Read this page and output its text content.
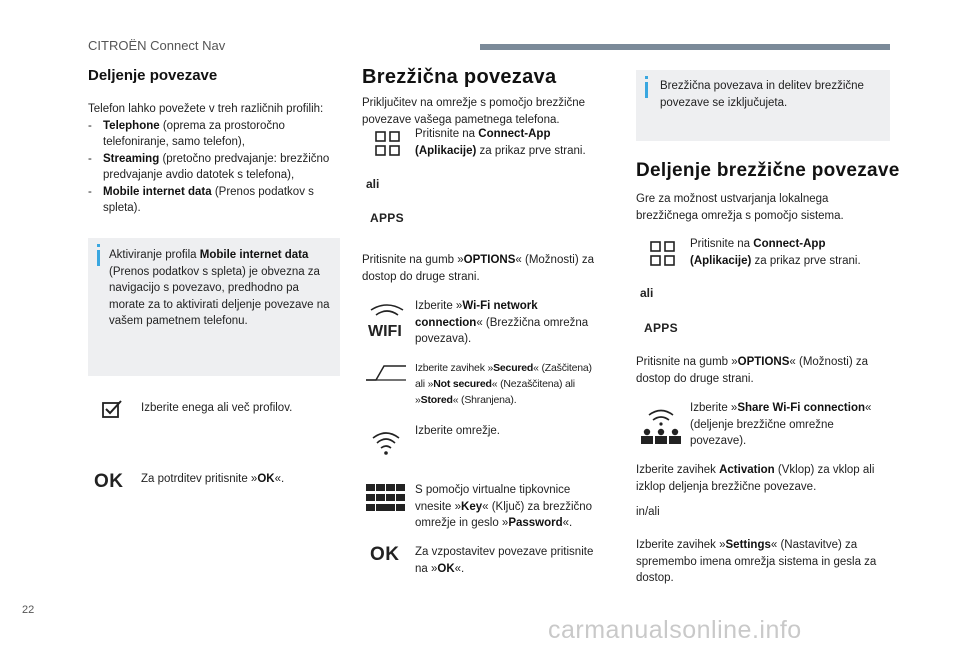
CITROËN Connect Nav
22
carmanualsonline.info
Deljenje povezave
Telefon lahko povežete v treh različnih profilih:
- Telephone (oprema za prostoročno telefoniranje, samo telefon),
- Streaming (pretočno predvajanje: brezžično predvajanje avdio datotek s telefona),
- Mobile internet data (Prenos podatkov s spleta).
Aktiviranje profila Mobile internet data (Prenos podatkov s spleta) je obvezna za navigacijo s povezavo, predhodno pa morate za to aktivirati deljenje povezave na vašem pametnem telefonu.
Izberite enega ali več profilov.
OK Za potrditev pritisnite »OK«.
Brezžična povezava
Priključitev na omrežje s pomočjo brezžične povezave vašega pametnega telefona.
Pritisnite na Connect-App (Aplikacije) za prikaz prve strani.
ali
APPS
Pritisnite na gumb »OPTIONS« (Možnosti) za dostop do druge strani.
WIFI
Izberite »Wi-Fi network connection« (Brezžična omrežna povezava).
Izberite zavihek »Secured« (Zaščitena)
ali »Not secured« (Nezaščitena) ali
»Stored« (Shranjena).
Izberite omrežje.
S pomočjo virtualne tipkovnice
vnesite »Key« (Ključ) za brezžično
omrežje in geslo »Password«.
OK Za vzpostavitev povezave pritisnite
na »OK«.
Brezžična povezava in delitev brezžične povezave se izključujeta.
Deljenje brezžične povezave
Gre za možnost ustvarjanja lokalnega brezžičnega omrežja s pomočjo sistema.
Pritisnite na Connect-App (Aplikacije) za prikaz prve strani.
ali
APPS
Pritisnite na gumb »OPTIONS« (Možnosti) za dostop do druge strani.
Izberite »Share Wi-Fi connection« (deljenje brezžične omrežne povezave).
Izberite zavihek Activation (Vklop) za vklop ali izklop deljenja brezžične povezave.
in/ali
Izberite zavihek »Settings« (Nastavitve) za spremembo imena omrežja sistema in gesla za dostop.
